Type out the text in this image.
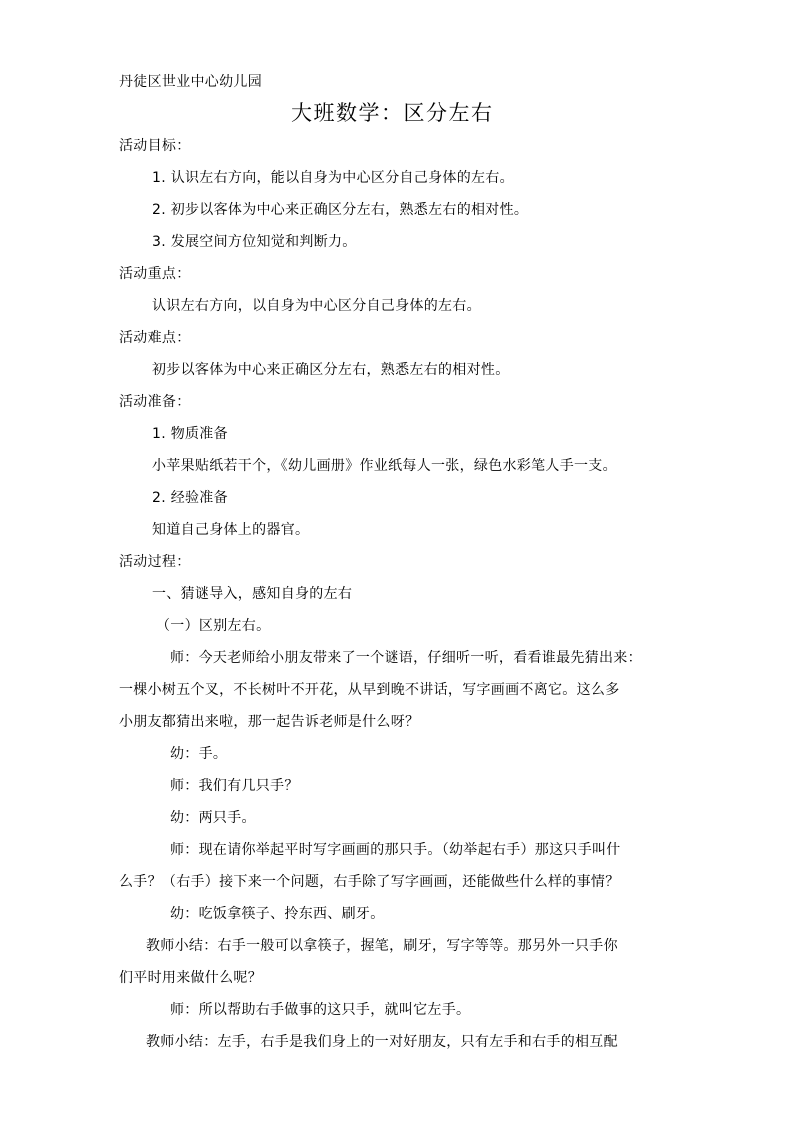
丹徒区世业中心幼儿园
大班数学：区分左右
活动目标：
1. 认识左右方向，能以自身为中心区分自己身体的左右。
2. 初步以客体为中心来正确区分左右，熟悉左右的相对性。
3. 发展空间方位知觉和判断力。
活动重点：
认识左右方向，以自身为中心区分自己身体的左右。
活动难点：
初步以客体为中心来正确区分左右，熟悉左右的相对性。
活动准备：
1. 物质准备
小苹果贴纸若干个，《幼儿画册》作业纸每人一张，绿色水彩笔人手一支。
2. 经验准备
知道自己身体上的器官。
活动过程：
一、猜谜导入，感知自身的左右
（一）区别左右。
师：今天老师给小朋友带来了一个谜语，仔细听一听，看看谁最先猜出来：
一棵小树五个叉，不长树叶不开花，从早到晚不讲话，写字画画不离它。这么多
小朋友都猜出来啦，那一起告诉老师是什么呀？
幼：手。
师：我们有几只手？
幼：两只手。
师：现在请你举起平时写字画画的那只手。（幼举起右手）那这只手叫什
么手？（右手）接下来一个问题，右手除了写字画画，还能做些什么样的事情？
幼：吃饭拿筷子、拎东西、刷牙。
教师小结：右手一般可以拿筷子，握笔，刷牙，写字等等。那另外一只手你
们平时用来做什么呢？
师：所以帮助右手做事的这只手，就叫它左手。
教师小结：左手，右手是我们身上的一对好朋友，只有左手和右手的相互配
